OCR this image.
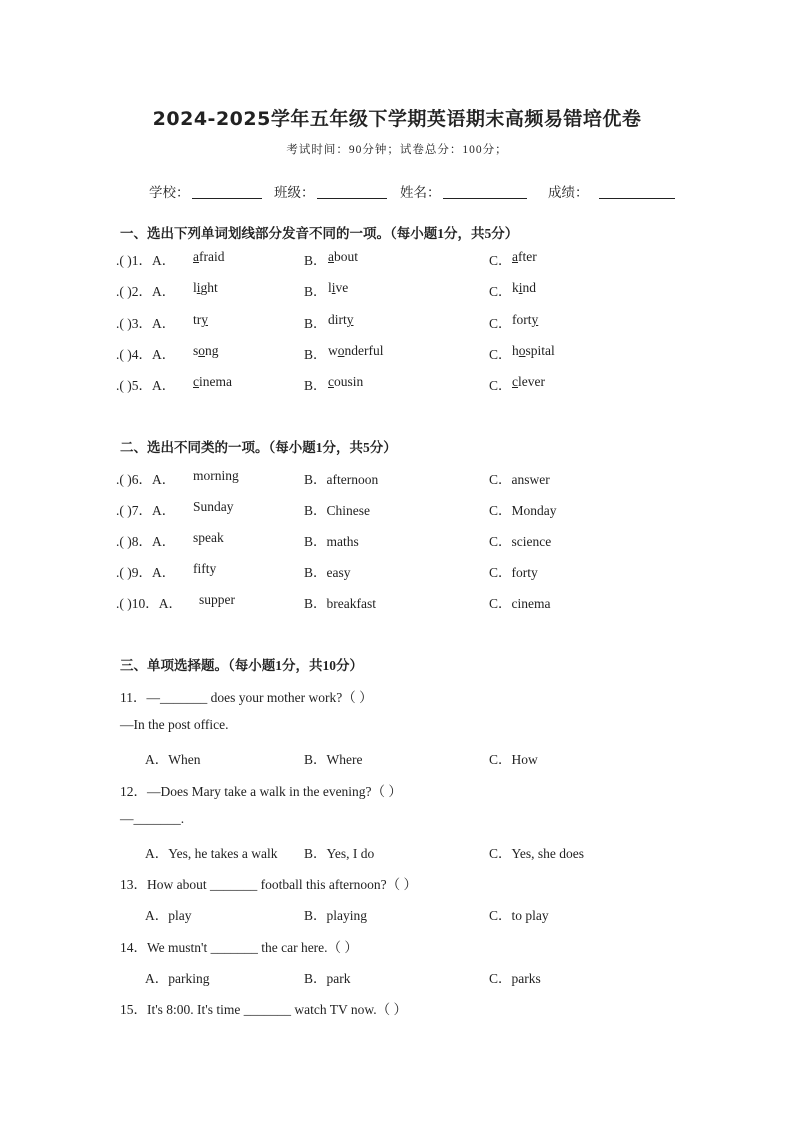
2024-2025学年五年级下学期英语期末高频易错培优卷
考试时间：90分钟；试卷总分：100分；
学校：	班级：	姓名：	成绩：
一、选出下列单词划线部分发音不同的一项。（每小题1分，共5分）
.( )1．A． afraid	B． about	C． after
.( )2．A． light	B． live	C． kind
.( )3．A． try	B． dirty	C． forty
.( )4．A． song	B． wonderful	C． hospital
.( )5．A． cinema	B． cousin	C． clever
二、选出不同类的一项。（每小题1分，共5分）
.( )6．A． morning	B．afternoon	C．answer
.( )7．A． Sunday	B．Chinese	C．Monday
.( )8．A． speak	B．maths	C．science
.( )9．A． fifty	B．easy	C．forty
.( )10．A． supper	B．breakfast	C．cinema
三、单项选择题。（每小题1分，共10分）
11．—_______ does your mother work?（ ）
—In the post office.
A．When	B．Where	C．How
12．—Does Mary take a walk in the evening?（ ）
—_______.
A．Yes, he takes a walk B．Yes, I do	C．Yes, she does
13．How about _______ football this afternoon?（ ）
A．play	B．playing	C．to play
14．We mustn't _______ the car here.（ ）
A．parking	B．park	C．parks
15．It's 8:00. It's time _______ watch TV now.（ ）
